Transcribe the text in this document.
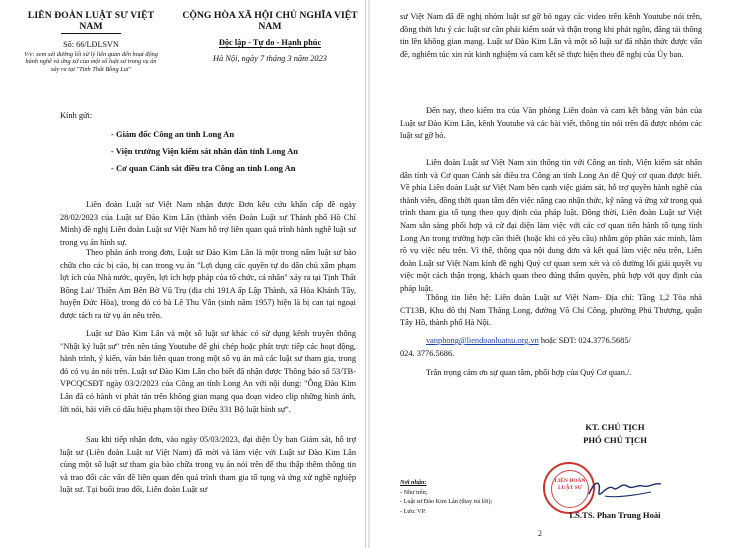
LIÊN ĐOÀN LUẬT SƯ VIỆT NAM
Số: 66/LĐLSVN
V/v: xem xét đường lối xử lý liên quan đến hoạt động hành nghề và ứng xử của một số luật sư trong vụ án xảy ra tại "Tịnh Thất Bồng Lai"
CỘNG HÒA XÃ HỘI CHỦ NGHĨA VIỆT NAM
Độc lập - Tự do - Hạnh phúc
Hà Nội, ngày 7 tháng 3 năm 2023
Kính gửi:
- Giám đốc Công an tỉnh Long An
- Viện trưởng Viện kiểm sát nhân dân tỉnh Long An
- Cơ quan Cảnh sát điều tra Công an tỉnh Long An

Liên đoàn Luật sư Việt Nam nhận được Đơn kêu cứu khẩn cấp đề ngày 28/02/2023 của Luật sư Đào Kim Lân (thành viên Đoàn Luật sư Thành phố Hồ Chí Minh) đề nghị Liên đoàn Luật sư Việt Nam hỗ trợ liên quan quá trình hành nghề luật sư trong vụ án hình sự.

Theo phản ánh trong đơn, Luật sư Đào Kim Lân là một trong nấm luật sư bào chữa cho các bị cáo, bị can trong vụ án "Lợi dụng các quyền tự do dân chủ xâm phạm lợi ích của Nhà nước, quyền, lợi ích hợp pháp của tổ chức, cá nhân" xảy ra tại Tịnh Thất Bồng Lai/ Thiền Am Bên Bờ Vũ Trụ (địa chỉ 191A ấp Lập Thành, xã Hòa Khánh Tây, huyện Đức Hòa), trong đó có bà Lê Thu Vân (sinh năm 1957) hiện là bị can tại ngoại được tách ra từ vụ án nêu trên.

Luật sư Đào Kim Lân và một số luật sư khác có sử dụng kênh truyền thông "Nhật ký luật sư" trên nền tảng Youtube để ghi chép hoặc phát trực tiếp các hoạt động, hành trình, ý kiến, văn bản liên quan trong một số vụ án mà các luật sư tham gia, trong đó có vụ án nói trên. Luật sư Đào Kim Lân cho biết đã nhận được Thông báo số 53/TB-VPCQCSĐT ngày 03/2/2023 của Công an tỉnh Long An với nội dung: "Ông Đào Kim Lân đã có hành vi phát tán trên không gian mạng qua đoạn video clip những hình ảnh, lời nói, bài viết có dấu hiệu phạm tội theo Điều 331 Bộ luật hình sự".

Sau khi tiếp nhận đơn, vào ngày 05/03/2023, đại diện Ủy ban Giám sát, hỗ trợ luật sư (Liên đoàn Luật sư Việt Nam) đã mời và làm việc với Luật sư Đào Kim Lân cùng một số luật sư tham gia bào chữa trong vụ án nói trên để thu thập thêm thông tin và trao đổi các vấn đề liên quan đến quá trình tham gia tố tụng và ứng xử nghề nghiệp luật sư. Tại buổi trao đổi, Liên đoàn Luật sư

sư Việt Nam đã đề nghị nhóm luật sư gỡ bỏ ngay các video trên kênh Youtube nói trên, đồng thời lưu ý các luật sư cần phải kiểm soát và thận trọng khi phát ngôn, đăng tải thông tin lên không gian mạng. Luật sư Đào Kim Lân và một số luật sư đã nhận thức được vấn đề, nghiêm túc xin rút kinh nghiệm và cam kết sẽ thực hiện theo đề nghị của Ủy ban.

Đến nay, theo kiểm tra của Văn phòng Liên đoàn và cam kết bằng văn bản của Luật sư Đào Kim Lân, kênh Youtube và các bài viết, thông tin nói trên đã được nhóm các luật sư gỡ bỏ.

Liên đoàn Luật sư Việt Nam xin thông tin với Công an tỉnh, Viện kiểm sát nhân dân tỉnh và Cơ quan Cảnh sát điều tra Công an tỉnh Long An để Quý cơ quan được biết. Về phía Liên đoàn Luật sư Việt Nam bên cạnh việc giám sát, hỗ trợ quyền hành nghề của thành viên, đồng thời quan tâm đến việc nâng cao nhận thức, kỹ năng và ứng xử trong quá trình tham gia tố tụng theo quy định của pháp luật. Đồng thời, Liên đoàn Luật sư Việt Nam sẵn sàng phối hợp và cử đại diện làm việc với các cơ quan tiến hành tố tụng tỉnh Long An trong trường hợp cần thiết (hoặc khi có yêu cầu) nhằm góp phần xác minh, làm rõ vụ việc nêu trên. Vì thế, thông qua nội dung đơn và kết quả làm việc nêu trên, Liên đoàn Luật sư Việt Nam kính đề nghị Quý cơ quan xem xét và có đường lối giải quyết vụ việc một cách thận trọng, khách quan theo đúng thẩm quyền, phù hợp với quy định của pháp luật.

Thông tin liên hệ: Liên đoàn Luật sư Việt Nam- Địa chỉ: Tầng 1,2 Tòa nhà CT13B, Khu đô thị Nam Thăng Long, đường Võ Chí Công, phường Phú Thượng, quận Tây Hồ, thành phố Hà Nội.

vanphong@liendoanluatsu.org.vn hoặc SĐT: 024.3776.5685/

024. 3776.5686.

Trân trọng cảm ơn sự quan tâm, phối hợp của Quý Cơ quan./.

KT. CHỦ TỊCH
PHÓ CHỦ TỊCH
LIÊN ĐOÀN LUẬT SƯ
LS.TS. Phan Trung Hoài
Nơi nhận:
- Như trên;
- Luật sư Đào Kim Lân (thay trả lời);
- Lưu: VP.
2
